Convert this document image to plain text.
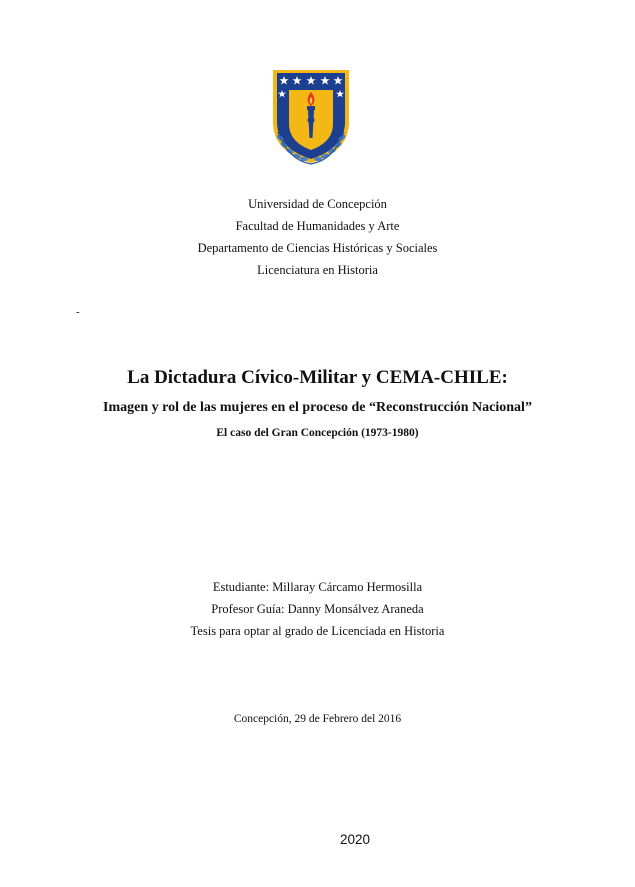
Universidad de Concepción
Facultad de Humanidades y Arte
Departamento de Ciencias Históricas y Sociales
Licenciatura en Historia
-
La Dictadura Cívico-Militar y CEMA-CHILE:
Imagen y rol de las mujeres en el proceso de “Reconstrucción Nacional”
El caso del Gran Concepción (1973-1980)
Estudiante: Millaray Cárcamo Hermosilla
Profesor Guía: Danny Monsálvez Araneda
Tesis para optar al grado de Licenciada en Historia
Concepción, 29 de Febrero del 2016
2020
